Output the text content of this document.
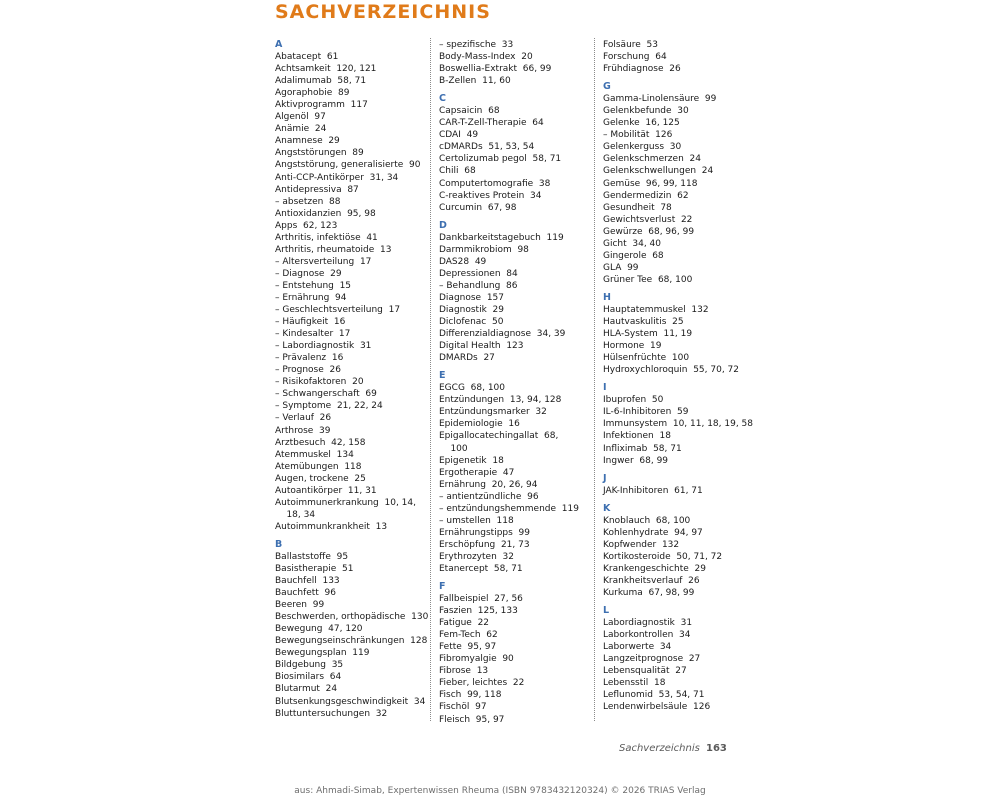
SACHVERZEICHNIS
A
Abatacept  61
Achtsamkeit  120, 121
Adalimumab  58, 71
Agoraphobie  89
Aktivprogramm  117
Algenöl  97
Anämie  24
Anamnese  29
Angststörungen  89
Angststörung, generalisierte  90
Anti-CCP-Antikörper  31, 34
Antidepressiva  87
– absetzen  88
Antioxidanzien  95, 98
Apps  62, 123
Arthritis, infektiöse  41
Arthritis, rheumatoide  13
– Altersverteilung  17
– Diagnose  29
– Entstehung  15
– Ernährung  94
– Geschlechtsverteilung  17
– Häufigkeit  16
– Kindesalter  17
– Labordiagnostik  31
– Prävalenz  16
– Prognose  26
– Risikofaktoren  20
– Schwangerschaft  69
– Symptome  21, 22, 24
– Verlauf  26
Arthrose  39
Arztbesuch  42, 158
Atemmuskel  134
Atemübungen  118
Augen, trockene  25
Autoantikörper  11, 31
Autoimmunerkrankung  10, 14,
18, 34
Autoimmunkrankheit  13
B
Ballaststoffe  95
Basistherapie  51
Bauchfell  133
Bauchfett  96
Beeren  99
Beschwerden, orthopädische  130
Bewegung  47, 120
Bewegungseinschränkungen  128
Bewegungsplan  119
Bildgebung  35
Biosimilars  64
Blutarmut  24
Blutsenkungsgeschwindigkeit  34
Bluttuntersuchungen  32
– spezifische  33
Body-Mass-Index  20
Boswellia-Extrakt  66, 99
B-Zellen  11, 60
C
Capsaicin  68
CAR-T-Zell-Therapie  64
CDAI  49
cDMARDs  51, 53, 54
Certolizumab pegol  58, 71
Chili  68
Computertomografie  38
C-reaktives Protein  34
Curcumin  67, 98
D
Dankbarkeitstagebuch  119
Darmmikrobiom  98
DAS28  49
Depressionen  84
– Behandlung  86
Diagnose  157
Diagnostik  29
Diclofenac  50
Differenzialdiagnose  34, 39
Digital Health  123
DMARDs  27
E
EGCG  68, 100
Entzündungen  13, 94, 128
Entzündungsmarker  32
Epidemiologie  16
Epigallocatechingallat  68,
100
Epigenetik  18
Ergotherapie  47
Ernährung  20, 26, 94
– antientzündliche  96
– entzündungshemmende  119
– umstellen  118
Ernährungstipps  99
Erschöpfung  21, 73
Erythrozyten  32
Etanercept  58, 71
F
Fallbeispiel  27, 56
Faszien  125, 133
Fatigue  22
Fem-Tech  62
Fette  95, 97
Fibromyalgie  90
Fibrose  13
Fieber, leichtes  22
Fisch  99, 118
Fischöl  97
Fleisch  95, 97
Folsäure  53
Forschung  64
Frühdiagnose  26
G
Gamma-Linolensäure  99
Gelenkbefunde  30
Gelenke  16, 125
– Mobilität  126
Gelenkerguss  30
Gelenkschmerzen  24
Gelenkschwellungen  24
Gemüse  96, 99, 118
Gendermedizin  62
Gesundheit  78
Gewichtsverlust  22
Gewürze  68, 96, 99
Gicht  34, 40
Gingerole  68
GLA  99
Grüner Tee  68, 100
H
Hauptatemmuskel  132
Hautvaskulitis  25
HLA-System  11, 19
Hormone  19
Hülsenfrüchte  100
Hydroxychloroquin  55, 70, 72
I
Ibuprofen  50
IL-6-Inhibitoren  59
Immunsystem  10, 11, 18, 19, 58
Infektionen  18
Infliximab  58, 71
Ingwer  68, 99
J
JAK-Inhibitoren  61, 71
K
Knoblauch  68, 100
Kohlenhydrate  94, 97
Kopfwender  132
Kortikosteroide  50, 71, 72
Krankengeschichte  29
Krankheitsverlauf  26
Kurkuma  67, 98, 99
L
Labordiagnostik  31
Laborkontrollen  34
Laborwerte  34
Langzeitprognose  27
Lebensqualität  27
Lebensstil  18
Leflunomid  53, 54, 71
Lendenwirbelsäule  126
Sachverzeichnis 163
aus: Ahmadi-Simab, Expertenwissen Rheuma (ISBN 9783432120324) © 2026 TRIAS Verlag
